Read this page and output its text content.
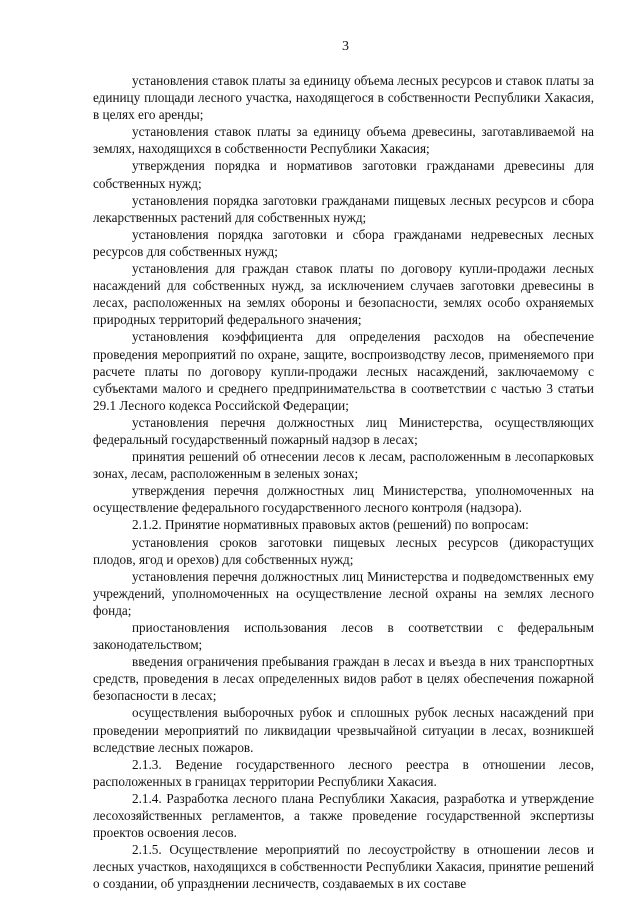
3

установления ставок платы за единицу объема лесных ресурсов и ставок платы за единицу площади лесного участка, находящегося в собственности Республики Хакасия, в целях его аренды;

установления ставок платы за единицу объема древесины, заготавливаемой на землях, находящихся в собственности Республики Хакасия;

утверждения порядка и нормативов заготовки гражданами древесины для собственных нужд;

установления порядка заготовки гражданами пищевых лесных ресурсов и сбора лекарственных растений для собственных нужд;

установления порядка заготовки и сбора гражданами недревесных лесных ресурсов для собственных нужд;

установления для граждан ставок платы по договору купли-продажи лесных насаждений для собственных нужд, за исключением случаев заготовки древесины в лесах, расположенных на землях обороны и безопасности, землях особо охраняемых природных территорий федерального значения;

установления коэффициента для определения расходов на обеспечение проведения мероприятий по охране, защите, воспроизводству лесов, применяемого при расчете платы по договору купли-продажи лесных насаждений, заключаемому с субъектами малого и среднего предпринимательства в соответствии с частью 3 статьи 29.1 Лесного кодекса Российской Федерации;

установления перечня должностных лиц Министерства, осуществляющих федеральный государственный пожарный надзор в лесах;

принятия решений об отнесении лесов к лесам, расположенным в лесопарковых зонах, лесам, расположенным в зеленых зонах;

утверждения перечня должностных лиц Министерства, уполномоченных на осуществление федерального государственного лесного контроля (надзора).

2.1.2. Принятие нормативных правовых актов (решений) по вопросам:

установления сроков заготовки пищевых лесных ресурсов (дикорастущих плодов, ягод и орехов) для собственных нужд;

установления перечня должностных лиц Министерства и подведомственных ему учреждений, уполномоченных на осуществление лесной охраны на землях лесного фонда;

приостановления использования лесов в соответствии с федеральным законодательством;

введения ограничения пребывания граждан в лесах и въезда в них транспортных средств, проведения в лесах определенных видов работ в целях обеспечения пожарной безопасности в лесах;

осуществления выборочных рубок и сплошных рубок лесных насаждений при проведении мероприятий по ликвидации чрезвычайной ситуации в лесах, возникшей вследствие лесных пожаров.

2.1.3. Ведение государственного лесного реестра в отношении лесов, расположенных в границах территории Республики Хакасия.

2.1.4. Разработка лесного плана Республики Хакасия, разработка и утверждение лесохозяйственных регламентов, а также проведение государственной экспертизы проектов освоения лесов.

2.1.5. Осуществление мероприятий по лесоустройству в отношении лесов и лесных участков, находящихся в собственности Республики Хакасия, принятие решений о создании, об упразднении лесничеств, создаваемых в их составе
